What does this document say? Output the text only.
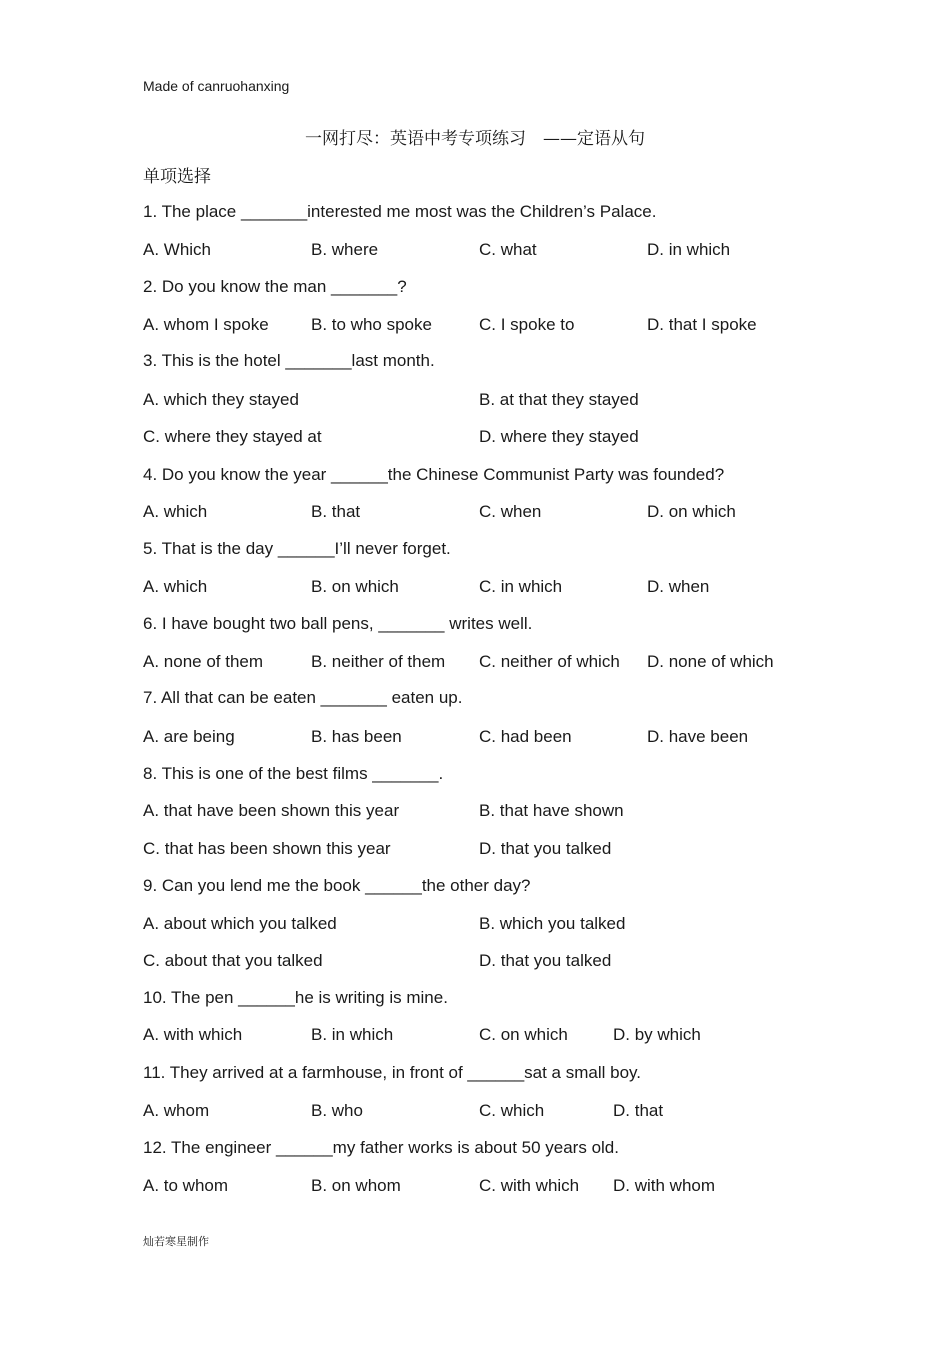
Made of canruohanxing
一网打尽：英语中考专项练习　——定语从句
单项选择
1. The place _______interested me most was the Children’s Palace.
A. Which	B. where	C. what	D. in which
2. Do you know the man _______?
A. whom I spoke B. to who spoke	C. I spoke to	D. that I spoke
3. This is the hotel _______last month.
A. which they stayed	B. at that they stayed
C. where they stayed at	D. where they stayed
4. Do you know the year ______the Chinese Communist Party was founded?
A. which	B. that	C. when	D. on which
5. That is the day ______I’ll never forget.
A. which	B. on which	C. in which	D. when
6. I have bought two ball pens, _______ writes well.
A. none of them	B. neither of them C. neither of which D. none of which
7. All that can be eaten _______ eaten up.
A. are being	B. has been	C. had been	D. have been
8. This is one of the best films _______.
A. that have been shown this year	B. that have shown
C. that has been shown this year	D. that you talked
9. Can you lend me the book ______the other day?
A. about which you talked	B. which you talked
C. about that you talked	D. that you talked
10. The pen ______he is writing is mine.
A. with which	B. in which	C. on which	D. by which
11. They arrived at a farmhouse, in front of ______sat a small boy.
A. whom	B. who	C. which	D. that
12. The engineer ______my father works is about 50 years old.
A. to whom	B. on whom	C. with which D. with whom
灿若寒星制作
